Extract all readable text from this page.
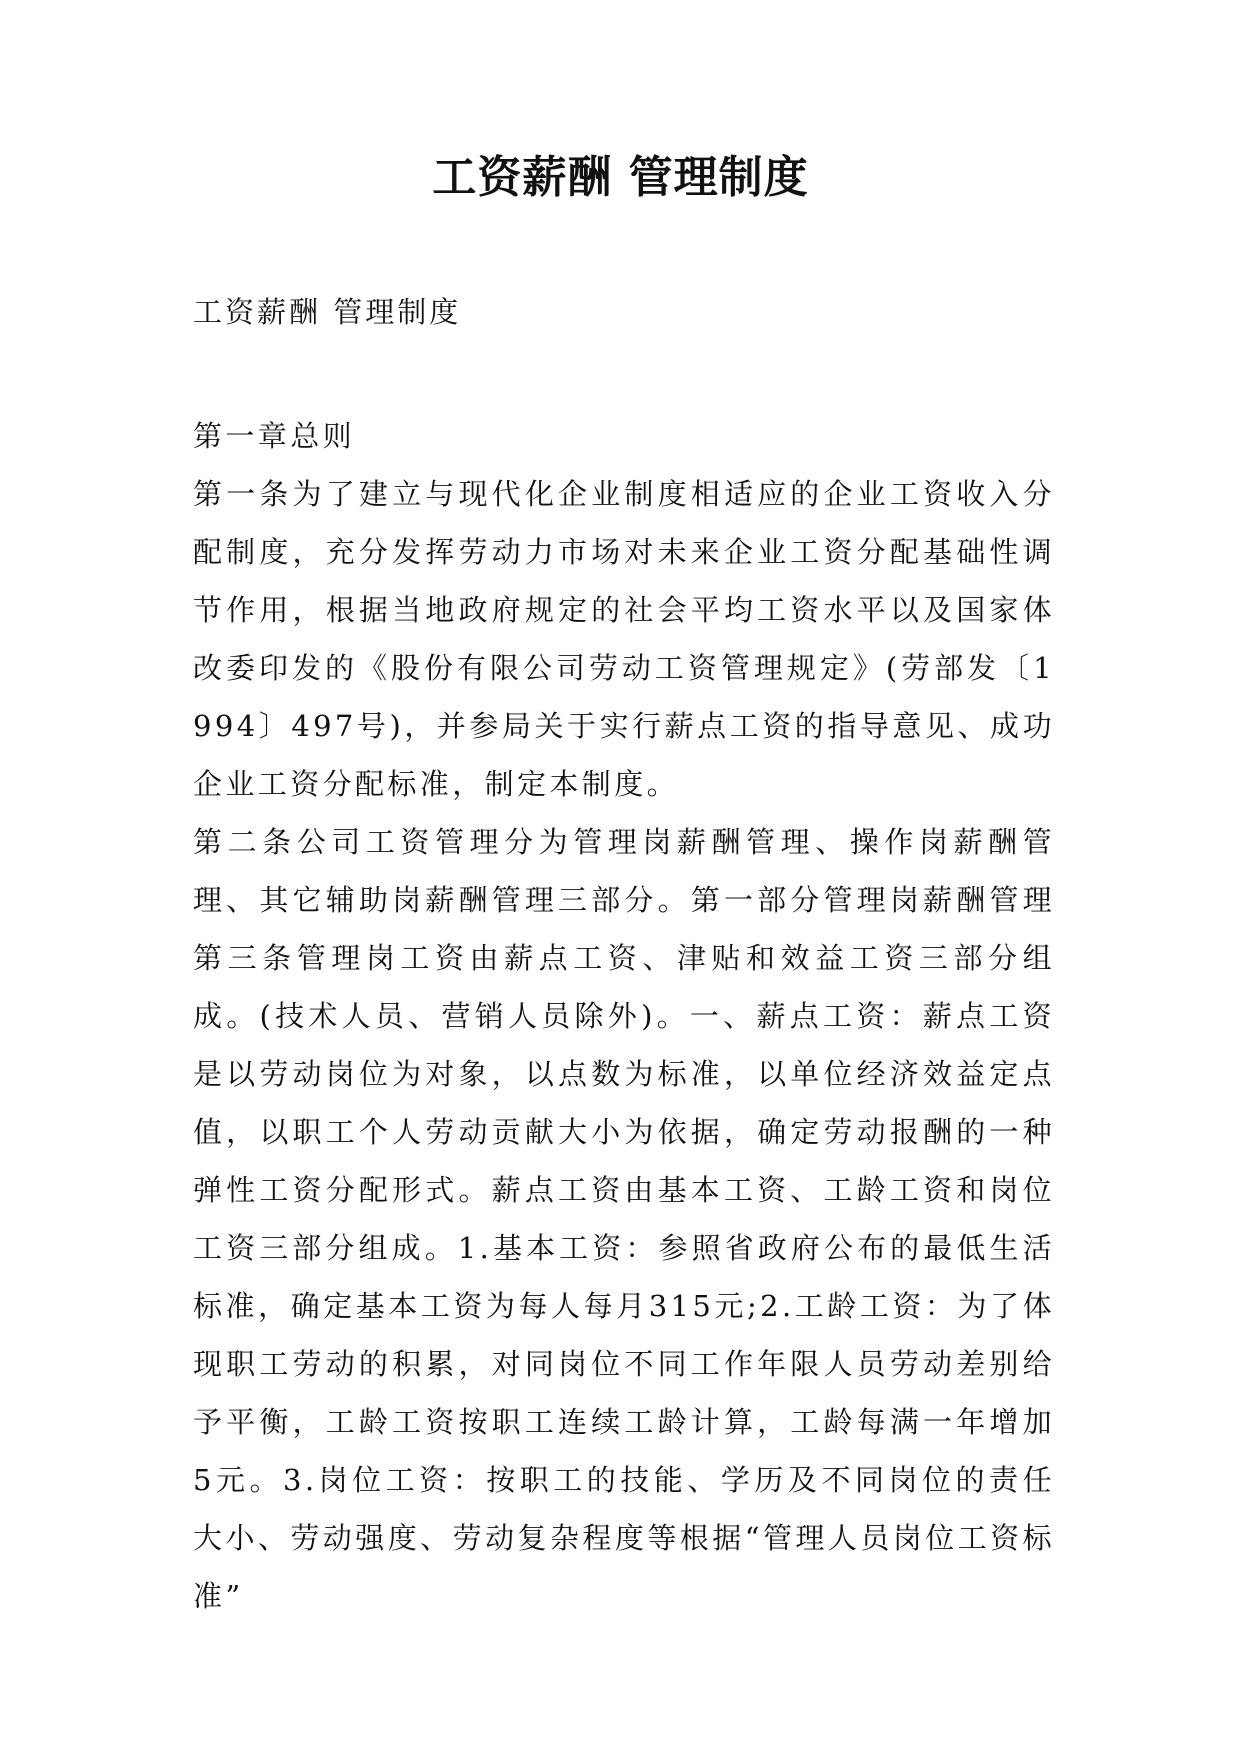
工资薪酬 管理制度
工资薪酬 管理制度

第一章总则

第一条为了建立与现代化企业制度相适应的企业工资收入分配制度，充分发挥劳动力市场对未来企业工资分配基础性调节作用，根据当地政府规定的社会平均工资水平以及国家体改委印发的《股份有限公司劳动工资管理规定》(劳部发〔1994〕497号)，并参局关于实行薪点工资的指导意见、成功企业工资分配标准，制定本制度。

第二条公司工资管理分为管理岗薪酬管理、操作岗薪酬管理、其它辅助岗薪酬管理三部分。第一部分管理岗薪酬管理第三条管理岗工资由薪点工资、津贴和效益工资三部分组成。(技术人员、营销人员除外)。一、薪点工资：薪点工资是以劳动岗位为对象，以点数为标准，以单位经济效益定点值，以职工个人劳动贡献大小为依据，确定劳动报酬的一种弹性工资分配形式。薪点工资由基本工资、工龄工资和岗位工资三部分组成。1.基本工资：参照省政府公布的最低生活标准，确定基本工资为每人每月315元;2.工龄工资：为了体现职工劳动的积累，对同岗位不同工作年限人员劳动差别给予平衡，工龄工资按职工连续工龄计算，工龄每满一年增加5元。3.岗位工资：按职工的技能、学历及不同岗位的责任大小、劳动强度、劳动复杂程度等根据“管理人员岗位工资标准”
